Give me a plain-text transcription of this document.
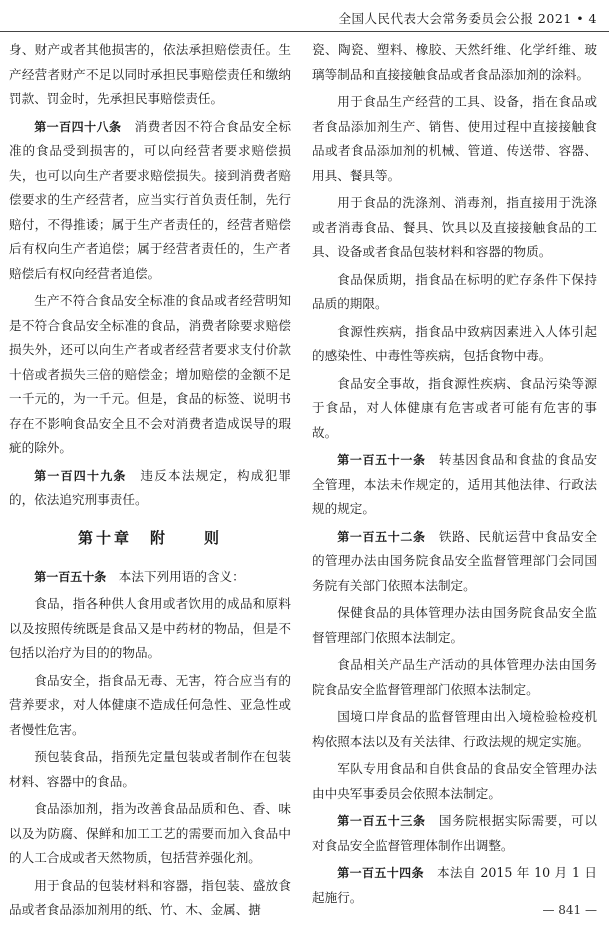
全国人民代表大会常务委员会公报 2021 • 4

身、财产或者其他损害的，依法承担赔偿责任。生产经营者财产不足以同时承担民事赔偿责任和缴纳罚款、罚金时，先承担民事赔偿责任。

第一百四十八条　消费者因不符合食品安全标准的食品受到损害的，可以向经营者要求赔偿损失，也可以向生产者要求赔偿损失。接到消费者赔偿要求的生产经营者，应当实行首负责任制，先行赔付，不得推诿；属于生产者责任的，经营者赔偿后有权向生产者追偿；属于经营者责任的，生产者赔偿后有权向经营者追偿。

生产不符合食品安全标准的食品或者经营明知是不符合食品安全标准的食品，消费者除要求赔偿损失外，还可以向生产者或者经营者要求支付价款十倍或者损失三倍的赔偿金；增加赔偿的金额不足一千元的，为一千元。但是，食品的标签、说明书存在不影响食品安全且不会对消费者造成误导的瑕疵的除外。

第一百四十九条　违反本法规定，构成犯罪的，依法追究刑事责任。

第十章　附　　则

第一百五十条　本法下列用语的含义：

食品，指各种供人食用或者饮用的成品和原料以及按照传统既是食品又是中药材的物品，但是不包括以治疗为目的的物品。

食品安全，指食品无毒、无害，符合应当有的营养要求，对人体健康不造成任何急性、亚急性或者慢性危害。

预包装食品，指预先定量包装或者制作在包装材料、容器中的食品。

食品添加剂，指为改善食品品质和色、香、味以及为防腐、保鲜和加工工艺的需要而加入食品中的人工合成或者天然物质，包括营养强化剂。

用于食品的包装材料和容器，指包装、盛放食品或者食品添加剂用的纸、竹、木、金属、搪

瓷、陶瓷、塑料、橡胶、天然纤维、化学纤维、玻璃等制品和直接接触食品或者食品添加剂的涂料。

用于食品生产经营的工具、设备，指在食品或者食品添加剂生产、销售、使用过程中直接接触食品或者食品添加剂的机械、管道、传送带、容器、用具、餐具等。

用于食品的洗涤剂、消毒剂，指直接用于洗涤或者消毒食品、餐具、饮具以及直接接触食品的工具、设备或者食品包装材料和容器的物质。

食品保质期，指食品在标明的贮存条件下保持品质的期限。

食源性疾病，指食品中致病因素进入人体引起的感染性、中毒性等疾病，包括食物中毒。

食品安全事故，指食源性疾病、食品污染等源于食品，对人体健康有危害或者可能有危害的事故。

第一百五十一条　转基因食品和食盐的食品安全管理，本法未作规定的，适用其他法律、行政法规的规定。

第一百五十二条　铁路、民航运营中食品安全的管理办法由国务院食品安全监督管理部门会同国务院有关部门依照本法制定。

保健食品的具体管理办法由国务院食品安全监督管理部门依照本法制定。

食品相关产品生产活动的具体管理办法由国务院食品安全监督管理部门依照本法制定。

国境口岸食品的监督管理由出入境检验检疫机构依照本法以及有关法律、行政法规的规定实施。

军队专用食品和自供食品的食品安全管理办法由中央军事委员会依照本法制定。

第一百五十三条　国务院根据实际需要，可以对食品安全监督管理体制作出调整。

第一百五十四条　本法自 2015 年 10 月 1 日起施行。

— 841 —
